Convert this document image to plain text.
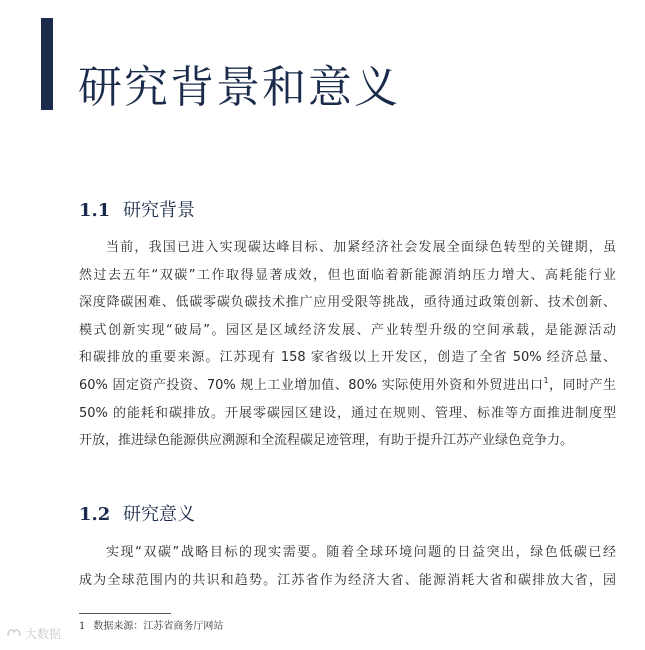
研究背景和意义
1.1 研究背景
当前，我国已进入实现碳达峰目标、加紧经济社会发展全面绿色转型的关键期，虽
然过去五年“双碳”工作取得显著成效，但也面临着新能源消纳压力增大、高耗能行业
深度降碳困难、低碳零碳负碳技术推广应用受限等挑战，亟待通过政策创新、技术创新、
模式创新实现“破局”。园区是区域经济发展、产业转型升级的空间承载，是能源活动
和碳排放的重要来源。江苏现有 158 家省级以上开发区，创造了全省 50% 经济总量、
60% 固定资产投资、70% 规上工业增加值、80% 实际使用外资和外贸进出口$^1$，同时产生
50% 的能耗和碳排放。开展零碳园区建设，通过在规则、管理、标准等方面推进制度型
开放，推进绿色能源供应溯源和全流程碳足迹管理，有助于提升江苏产业绿色竞争力。
1.2 研究意义
实现“双碳”战略目标的现实需要。随着全球环境问题的日益突出，绿色低碳已经
成为全球范围内的共识和趋势。江苏省作为经济大省、能源消耗大省和碳排放大省，园
1 数据来源：江苏省商务厅网站
大数据
